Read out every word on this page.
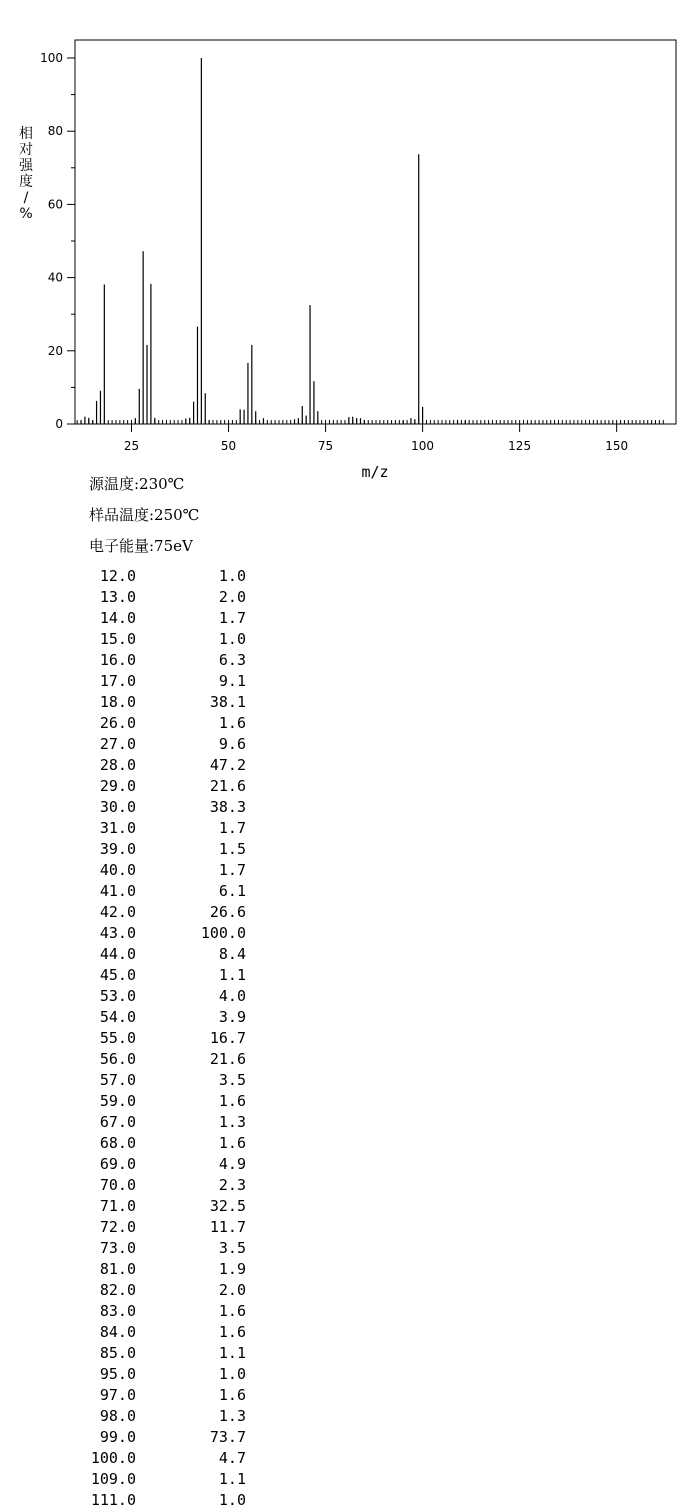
0
20
40
60
80
100
25	50	75	100	125	150
m/z
相对强度/ %
源温度:230℃
样品温度:250℃
电子能量:75eV
12.0	1.0
13.0	2.0
14.0	1.7
15.0	1.0
16.0	6.3
17.0	9.1
18.0	38.1
26.0	1.6
27.0	9.6
28.0	47.2
29.0	21.6
30.0	38.3
31.0	1.7
39.0	1.5
40.0	1.7
41.0	6.1
42.0	26.6
43.0	100.0
44.0	8.4
45.0	1.1
53.0	4.0
54.0	3.9
55.0	16.7
56.0	21.6
57.0	3.5
59.0	1.6
67.0	1.3
68.0	1.6
69.0	4.9
70.0	2.3
71.0	32.5
72.0	11.7
73.0	3.5
81.0	1.9
82.0	2.0
83.0	1.6
84.0	1.6
85.0	1.1
95.0	1.0
97.0	1.6
98.0	1.3
99.0	73.7
100.0	4.7
109.0	1.1
111.0	1.0
